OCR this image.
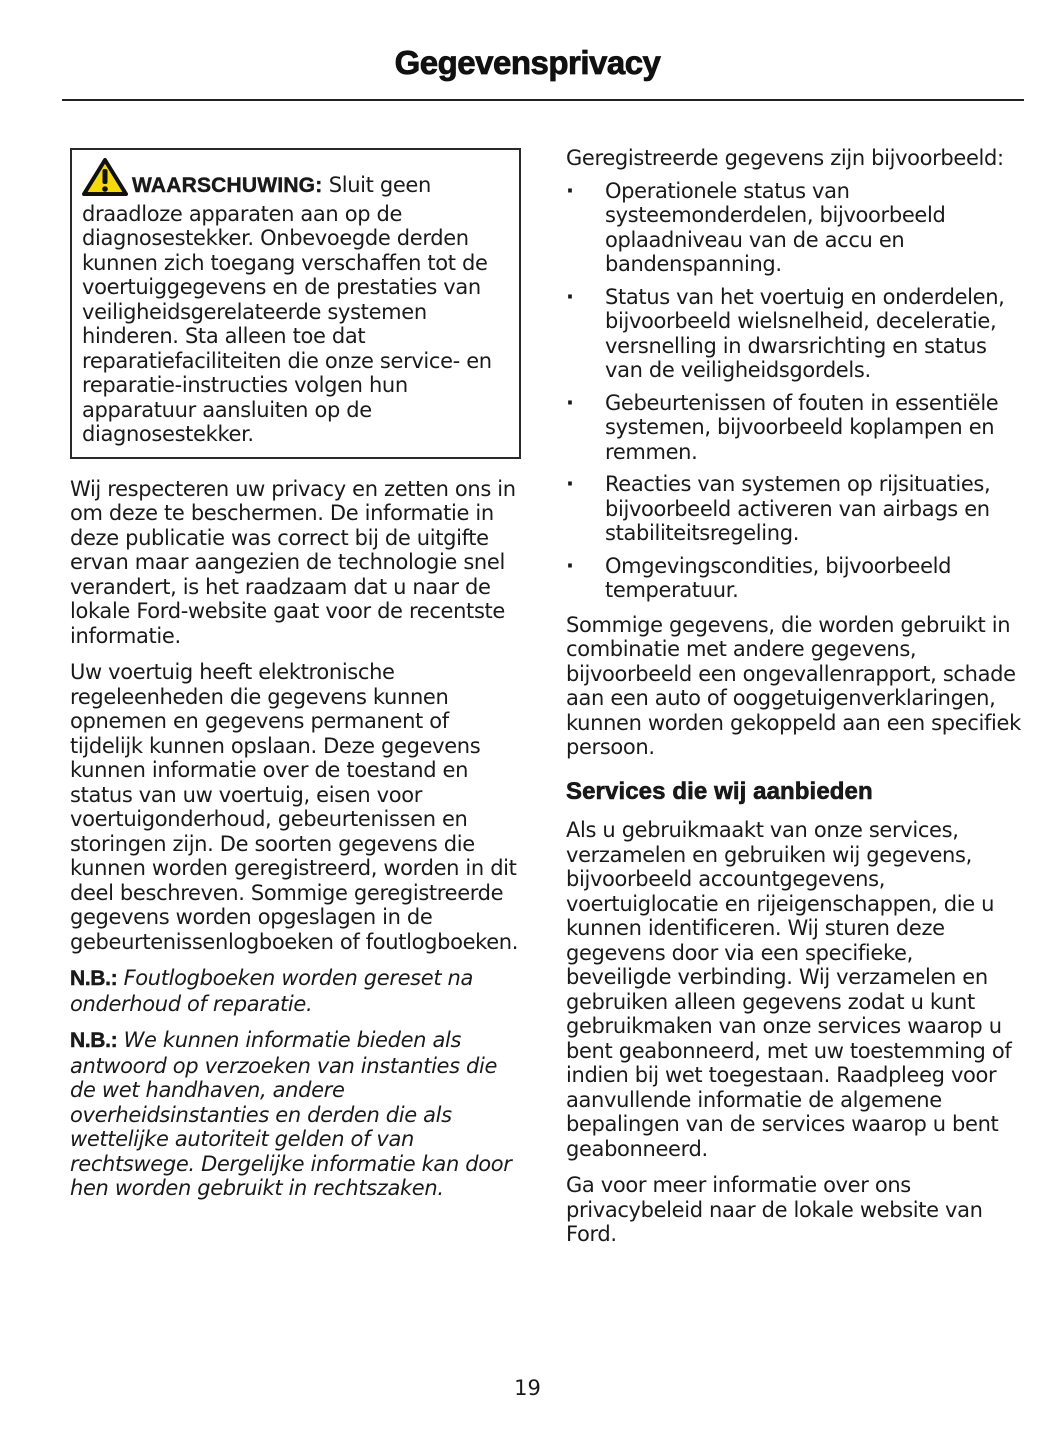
Gegevensprivacy
WAARSCHUWING: Sluit geen draadloze apparaten aan op de diagnosestekker. Onbevoegde derden kunnen zich toegang verschaffen tot de voertuiggegevens en de prestaties van veiligheidsgerelateerde systemen hinderen. Sta alleen toe dat reparatiefaciliteiten die onze service- en reparatie-instructies volgen hun apparatuur aansluiten op de diagnosestekker.

Wij respecteren uw privacy en zetten ons in om deze te beschermen. De informatie in deze publicatie was correct bij de uitgifte ervan maar aangezien de technologie snel verandert, is het raadzaam dat u naar de lokale Ford-website gaat voor de recentste informatie.

Uw voertuig heeft elektronische regeleenheden die gegevens kunnen opnemen en gegevens permanent of tijdelijk kunnen opslaan. Deze gegevens kunnen informatie over de toestand en status van uw voertuig, eisen voor voertuigonderhoud, gebeurtenissen en storingen zijn. De soorten gegevens die kunnen worden geregistreerd, worden in dit deel beschreven. Sommige geregistreerde gegevens worden opgeslagen in de gebeurtenissenlogboeken of foutlogboeken.

N.B.: Foutlogboeken worden gereset na onderhoud of reparatie.

N.B.: We kunnen informatie bieden als antwoord op verzoeken van instanties die de wet handhaven, andere overheidsinstanties en derden die als wettelijke autoriteit gelden of van rechtswege. Dergelijke informatie kan door hen worden gebruikt in rechtszaken.

Geregistreerde gegevens zijn bijvoorbeeld:

· Operationele status van systeemonderdelen, bijvoorbeeld oplaadniveau van de accu en bandenspanning.
· Status van het voertuig en onderdelen, bijvoorbeeld wielsnelheid, deceleratie, versnelling in dwarsrichting en status van de veiligheidsgordels.
· Gebeurtenissen of fouten in essentiële systemen, bijvoorbeeld koplampen en remmen.
· Reacties van systemen op rijsituaties, bijvoorbeeld activeren van airbags en stabiliteitsregeling.
· Omgevingscondities, bijvoorbeeld temperatuur.

Sommige gegevens, die worden gebruikt in combinatie met andere gegevens, bijvoorbeeld een ongevallenrapport, schade aan een auto of ooggetuigenverklaringen, kunnen worden gekoppeld aan een specifiek persoon.

Services die wij aanbieden

Als u gebruikmaakt van onze services, verzamelen en gebruiken wij gegevens, bijvoorbeeld accountgegevens, voertuiglocatie en rijeigenschappen, die u kunnen identificeren. Wij sturen deze gegevens door via een specifieke, beveiligde verbinding. Wij verzamelen en gebruiken alleen gegevens zodat u kunt gebruikmaken van onze services waarop u bent geabonneerd, met uw toestemming of indien bij wet toegestaan. Raadpleeg voor aanvullende informatie de algemene bepalingen van de services waarop u bent geabonneerd.

Ga voor meer informatie over ons privacybeleid naar de lokale website van Ford.

19
